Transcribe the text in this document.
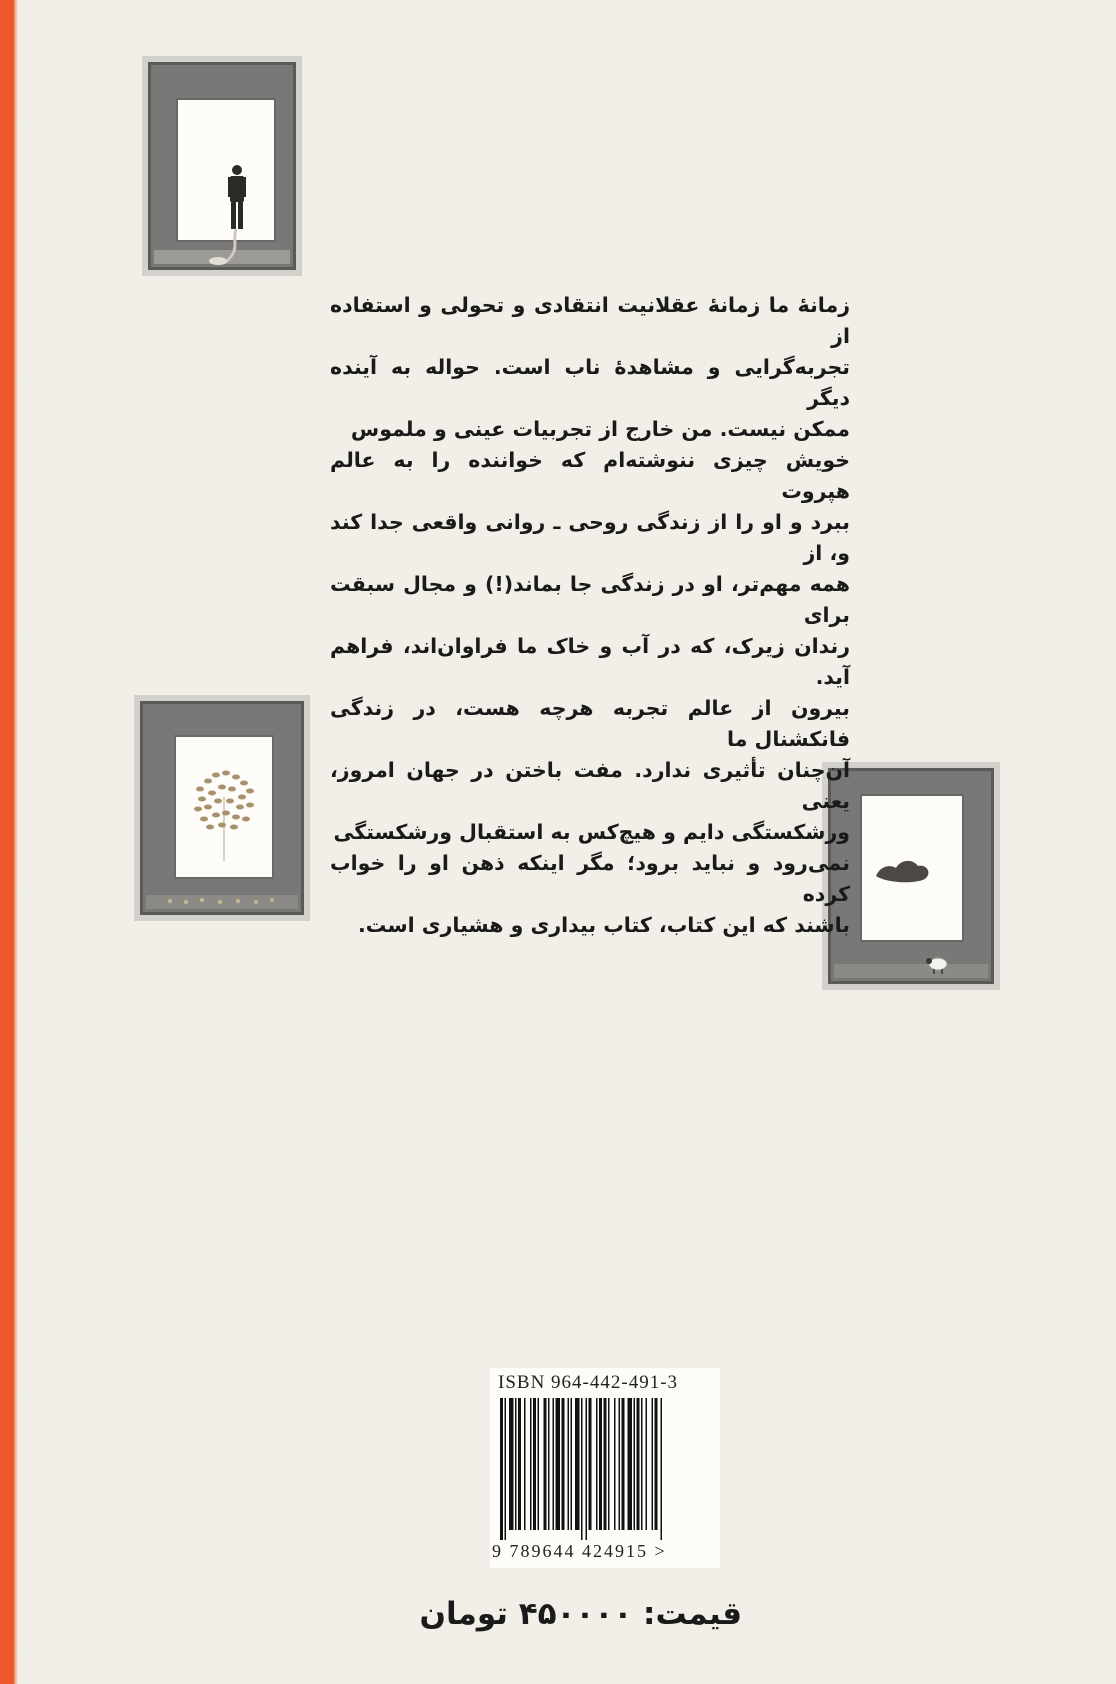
زمانهٔ ما زمانهٔ عقلانیت انتقادی و تحولی و استفاده از
تجربه‌گرایی و مشاهدهٔ ناب است. حواله به آینده دیگر
ممکن نیست. من خارج از تجربیات عینی و ملموس
خویش چیزی ننوشته‌ام که خواننده را به عالم هپروت
ببرد و او را از زندگی روحی ـ روانی واقعی جدا کند و، از
همه مهم‌تر، او در زندگی جا بماند(!) و مجال سبقت برای
رندان زیرک، که در آب و خاک ما فراوان‌اند، فراهم آید.
بیرون از عالم تجربه هرچه هست، در زندگی فانکشنال ما
آن‌چنان تأثیری ندارد. مفت باختن در جهان امروز، یعنی
ورشکستگی دایم و هیچ‌کس به استقبال ورشکستگی
نمی‌رود و نباید برود؛ مگر اینکه ذهن او را خواب کرده
باشند که این کتاب، کتاب بیداری و هشیاری است.
ISBN 964-442-491-3
9 789644 424915 >
قیمت: ۴۵۰۰۰۰ تومان
